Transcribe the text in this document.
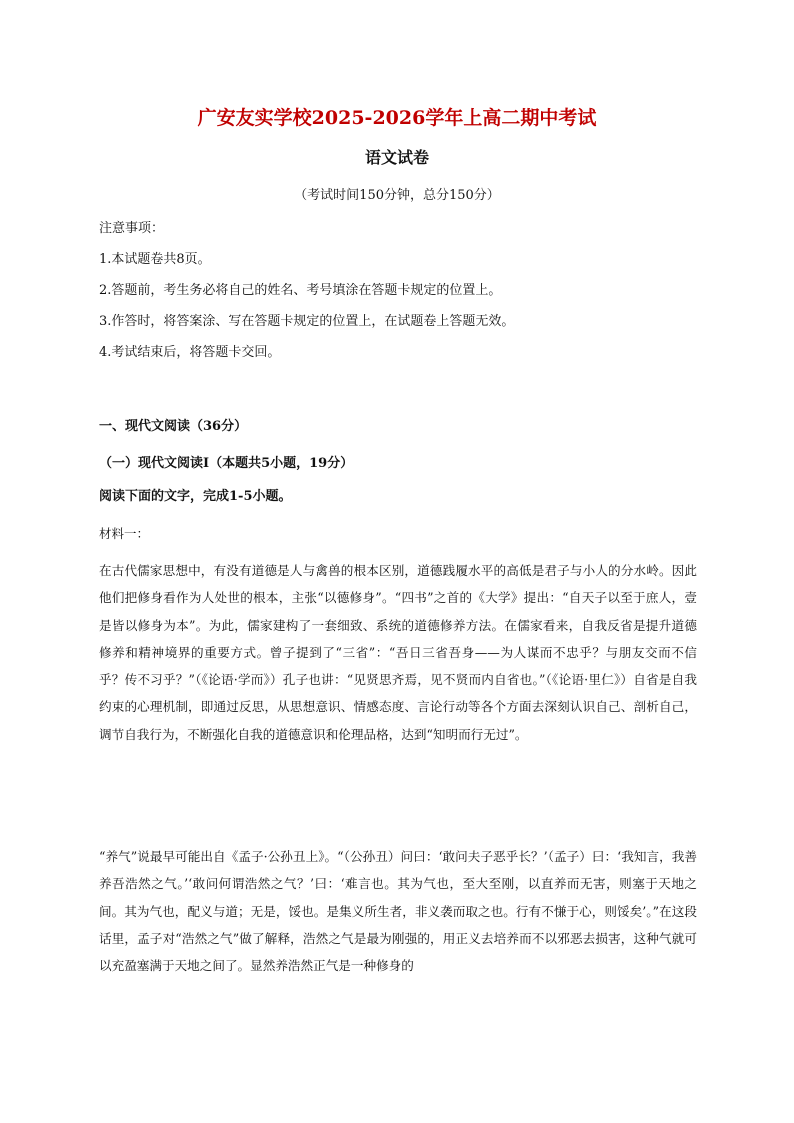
广安友实学校2025-2026学年上高二期中考试
语文试卷
（考试时间150分钟，总分150分）
注意事项：
1.本试题卷共8页。
2.答题前，考生务必将自己的姓名、考号填涂在答题卡规定的位置上。
3.作答时，将答案涂、写在答题卡规定的位置上，在试题卷上答题无效。
4.考试结束后，将答题卡交回。
一、现代文阅读（36分）
（一）现代文阅读Ⅰ（本题共5小题，19分）
阅读下面的文字，完成1-5小题。
材料一：
在古代儒家思想中，有没有道德是人与禽兽的根本区别，道德践履水平的高低是君子与小人的分水岭。因此他们把修身看作为人处世的根本，主张“以德修身”。“四书”之首的《大学》提出：“自天子以至于庶人，壹是皆以修身为本”。为此，儒家建构了一套细致、系统的道德修养方法。在儒家看来，自我反省是提升道德修养和精神境界的重要方式。曾子提到了“三省”：“吾日三省吾身——为人谋而不忠乎？与朋友交而不信乎？传不习乎？”（《论语·学而》）孔子也讲：“见贤思齐焉，见不贤而内自省也。”（《论语·里仁》）自省是自我约束的心理机制，即通过反思，从思想意识、情感态度、言论行动等各个方面去深刻认识自己、剖析自己，调节自我行为，不断强化自我的道德意识和伦理品格，达到“知明而行无过”。
“养气”说最早可能出自《孟子·公孙丑上》。“（公孙丑）问曰：‘敢问夫子恶乎长？’（孟子）曰：‘我知言，我善养吾浩然之气。’‘敢问何谓浩然之气？’曰：‘难言也。其为气也，至大至刚，以直养而无害，则塞于天地之间。其为气也，配义与道；无是，馁也。是集义所生者，非义袭而取之也。行有不慊于心，则馁矣’。”在这段话里，孟子对“浩然之气”做了解释，浩然之气是最为刚强的，用正义去培养而不以邪恶去损害，这种气就可以充盈塞满于天地之间了。显然养浩然正气是一种修身的
